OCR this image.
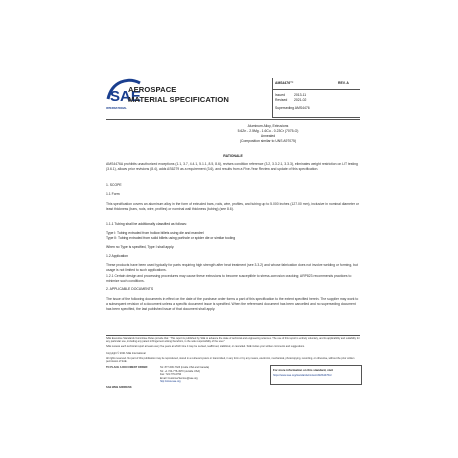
SAE
INTERNATIONAL
AEROSPACE
MATERIAL SPECIFICATION
AMS4476™	REV. A
Issued	2013-11
Revised 2021-02
Superseding AMS4476
Aluminum Alloy, Extrusions
5.6Zn - 2.5Mg - 1.6Cu - 0.23Cr (7075-O)
Annealed
(Composition similar to UNS A97075)
RATIONALE
AMS4476A prohibits unauthorized exceptions (1.1, 3.7, 4.4.1, 5.1.1, 8.5, 8.6), revises condition reference (3.2, 3.3.2.1, 3.3.3), eliminates weight restriction on LIT testing (3.6.1), allows prior revisions (8.4), adds AS6279 as a requirement (3.6), and results from a Five-Year Review and update of this specification.
1. SCOPE
1.1 Form
This specification covers an aluminum alloy in the form of extruded bars, rods, wire, profiles, and tubing up to 5.000 inches (127.00 mm), inclusive in nominal diameter or least thickness (bars, rods, wire, profiles) or nominal wall thickness (tubing) (see 8.6).
1.1.1 Tubing shall be additionally classified as follows:
Type I: Tubing extruded from hollow billets using die and mandrel
Type II: Tubing extruded from solid billets using porthole or spider die or similar tooling
When no Type is specified, Type I shall apply.
1.2 Application
These products have been used typically for parts requiring high strength after heat treatment (see 3.3.2) and whose fabrication does not involve welding or forming, but usage is not limited to such applications.
1.2.1 Certain design and processing procedures may cause these extrusions to become susceptible to stress-corrosion cracking; ARP823 recommends practices to minimize such conditions.
2. APPLICABLE DOCUMENTS
The issue of the following documents in effect on the date of the purchase order forms a part of this specification to the extent specified herein. The supplier may work to a subsequent revision of a document unless a specific document issue is specified. When the referenced document has been cancelled and no superseding document has been specified, the last published issue of that document shall apply.
SAE Executive Standards Committee Rules provide that: “This report is published by SAE to advance the state of technical and engineering sciences. The use of this report is entirely voluntary, and its applicability and suitability for any particular use, including any patent infringement arising therefrom, is the sole responsibility of the user.”
SAE reviews each technical report at least every five years at which time it may be revised, reaffirmed, stabilized, or cancelled. SAE invites your written comments and suggestions.
Copyright © 2021 SAE International
All rights reserved. No part of this publication may be reproduced, stored in a retrieval system or transmitted, in any form or by any means, electronic, mechanical, photocopying, recording, or otherwise, without the prior written permission of SAE.
TO PLACE A DOCUMENT ORDER:	Tel: 877-606-7323 (inside USA and Canada)
Tel: +1 724-776-4970 (outside USA)
Fax: 724-776-0790
Email: CustomerService@sae.org
http://www.sae.org
SAE WEB ADDRESS:
For more information on this standard, visit
https://www.sae.org/standards/content/AMS4476A/
